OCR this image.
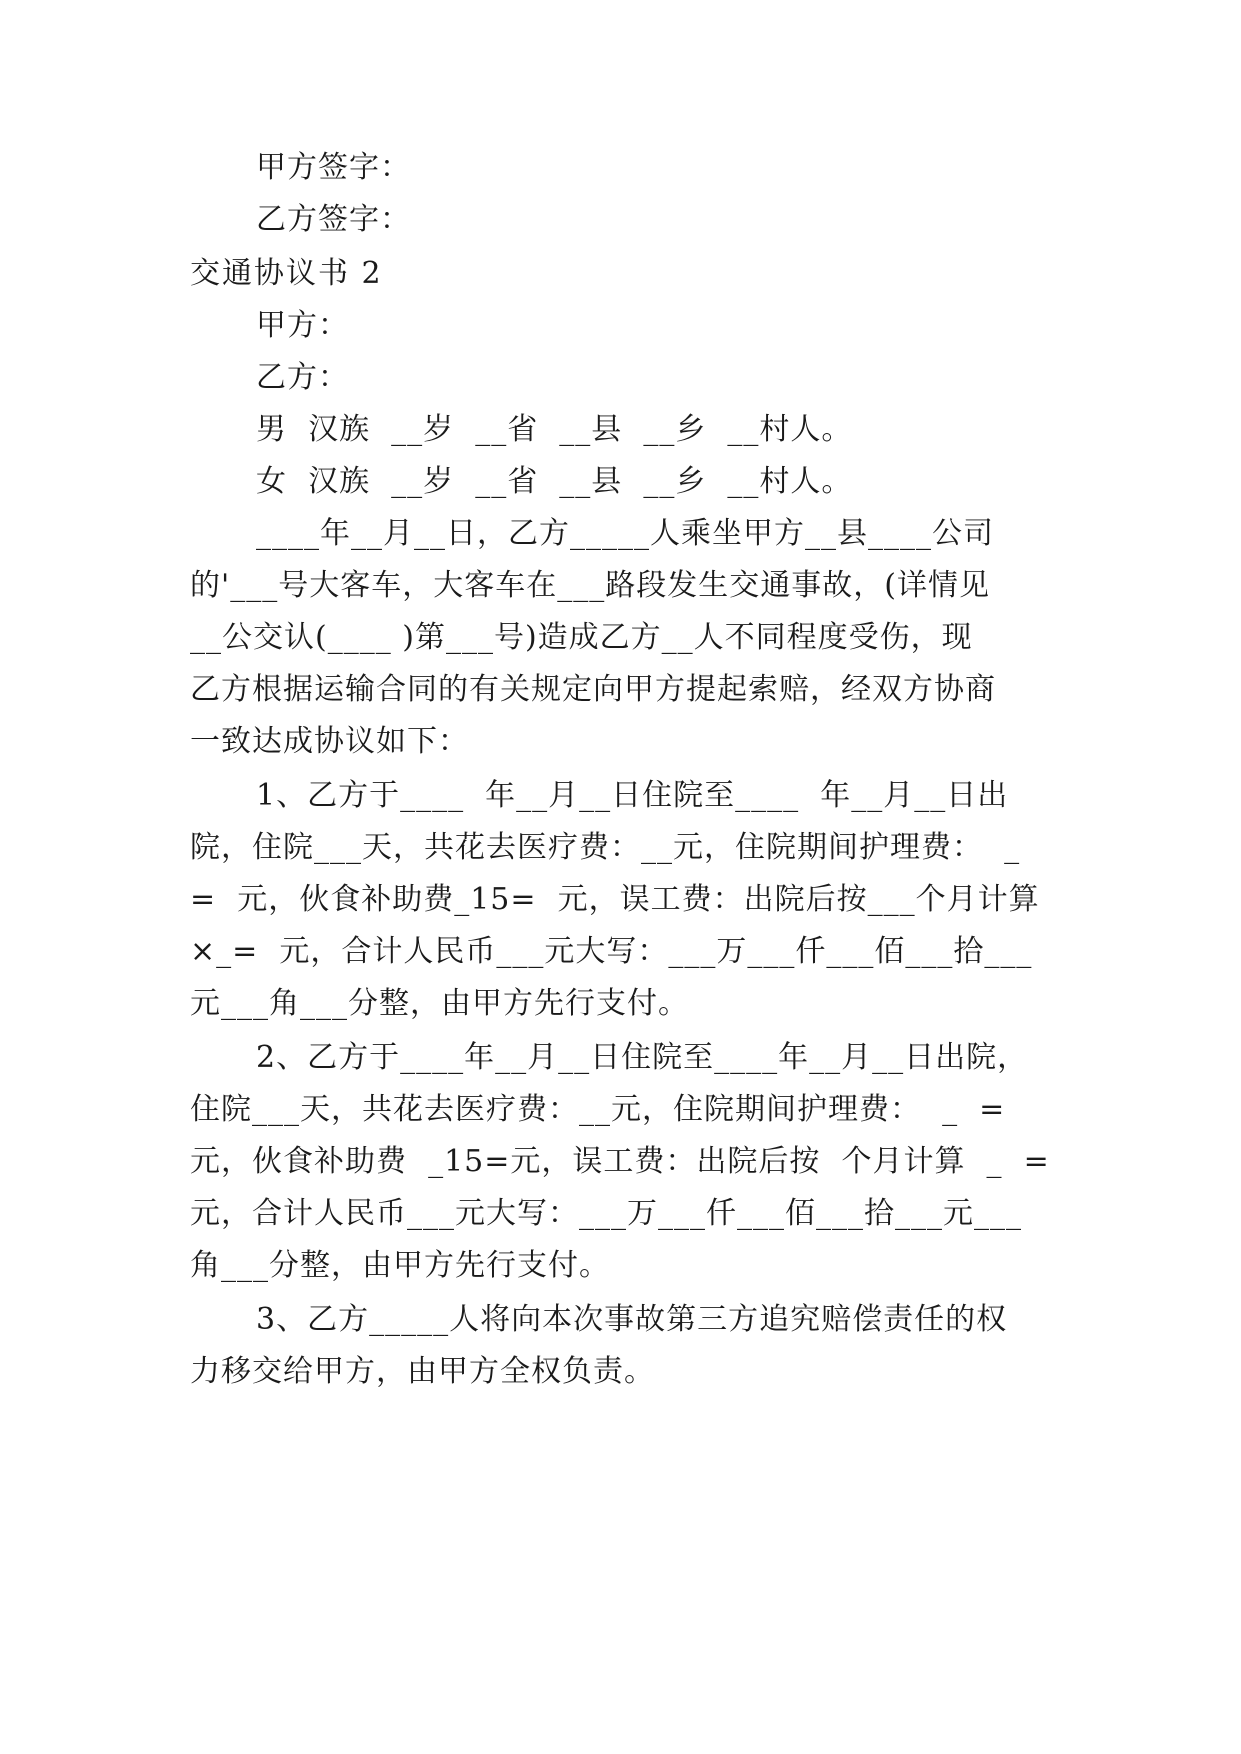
甲方签字：
乙方签字：
交通协议书 2
甲方：
乙方：
男  汉族  __岁  __省  __县  __乡  __村人。
女  汉族  __岁  __省  __县  __乡  __村人。
____年__月__日，乙方_____人乘坐甲方__县____公司
的'___号大客车，大客车在___路段发生交通事故，(详情见
__公交认(____ )第___号)造成乙方__人不同程度受伤，现
乙方根据运输合同的有关规定向甲方提起索赔，经双方协商
一致达成协议如下：
1、乙方于____  年__月__日住院至____  年__月__日出
院，住院___天，共花去医疗费：__元，住院期间护理费：  _
=  元，伙食补助费_15=  元，误工费：出院后按___个月计算
×_=  元，合计人民币___元大写：___万___仟___佰___拾___
元___角___分整，由甲方先行支付。
2、乙方于____年__月__日住院至____年__月__日出院，
住院___天，共花去医疗费：__元，住院期间护理费：  _  =
元，伙食补助费  _15=元，误工费：出院后按  个月计算  _  =
元，合计人民币___元大写：___万___仟___佰___拾___元___
角___分整，由甲方先行支付。
3、乙方_____人将向本次事故第三方追究赔偿责任的权
力移交给甲方，由甲方全权负责。
